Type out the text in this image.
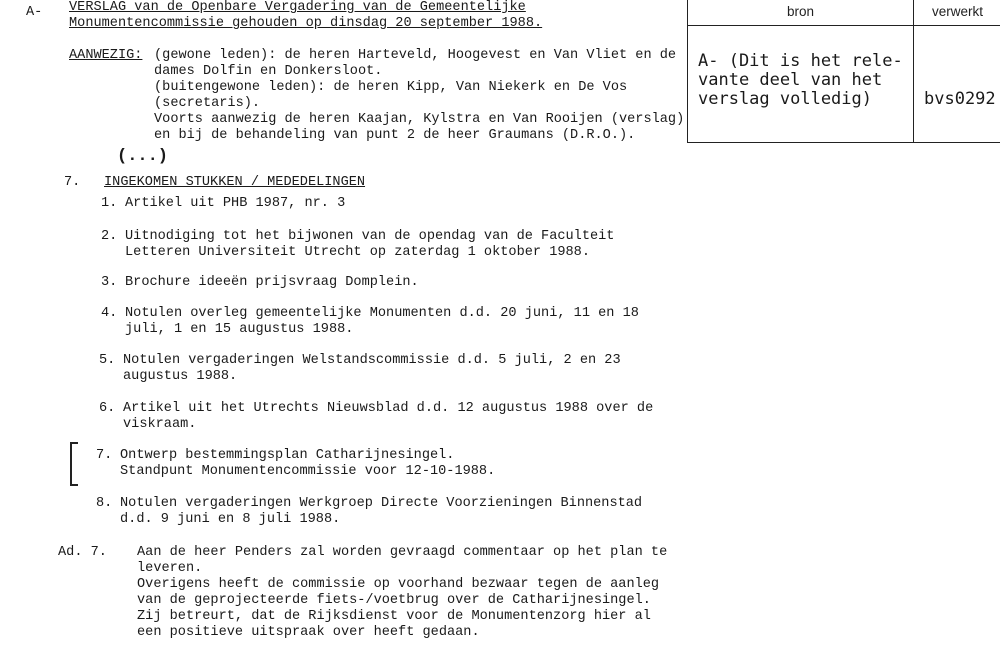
A- VERSLAG van de Openbare Vergadering van de Gemeentelijke
Monumentencommissie gehouden op dinsdag 20 september 1988.
AANWEZIG: (gewone leden): de heren Harteveld, Hoogevest en Van Vliet en de
dames Dolfin en Donkersloot.
(buitengewone leden): de heren Kipp, Van Niekerk en De Vos
(secretaris).
Voorts aanwezig de heren Kaajan, Kylstra en Van Rooijen (verslag)
en bij de behandeling van punt 2 de heer Graumans (D.R.O.).
(...)
7. INGEKOMEN STUKKEN / MEDEDELINGEN
1. Artikel uit PHB 1987, nr. 3
2. Uitnodiging tot het bijwonen van de opendag van de Faculteit
Letteren Universiteit Utrecht op zaterdag 1 oktober 1988.
3. Brochure ideeën prijsvraag Domplein.
4. Notulen overleg gemeentelijke Monumenten d.d. 20 juni, 11 en 18
juli, 1 en 15 augustus 1988.
5. Notulen vergaderingen Welstandscommissie d.d. 5 juli, 2 en 23
augustus 1988.
6. Artikel uit het Utrechts Nieuwsblad d.d. 12 augustus 1988 over de
viskraam.
7. Ontwerp bestemmingsplan Catharijnesingel.
Standpunt Monumentencommissie voor 12-10-1988.
8. Notulen vergaderingen Werkgroep Directe Voorzieningen Binnenstad
d.d. 9 juni en 8 juli 1988.
Ad. 7. Aan de heer Penders zal worden gevraagd commentaar op het plan te
leveren.
Overigens heeft de commissie op voorhand bezwaar tegen de aanleg
van de geprojecteerde fiets-/voetbrug over de Catharijnesingel.
Zij betreurt, dat de Rijksdienst voor de Monumentenzorg hier al
een positieve uitspraak over heeft gedaan.
bron	verwerkt
A- (Dit is het rele-
vante deel van het
verslag volledig)	bvs0292
